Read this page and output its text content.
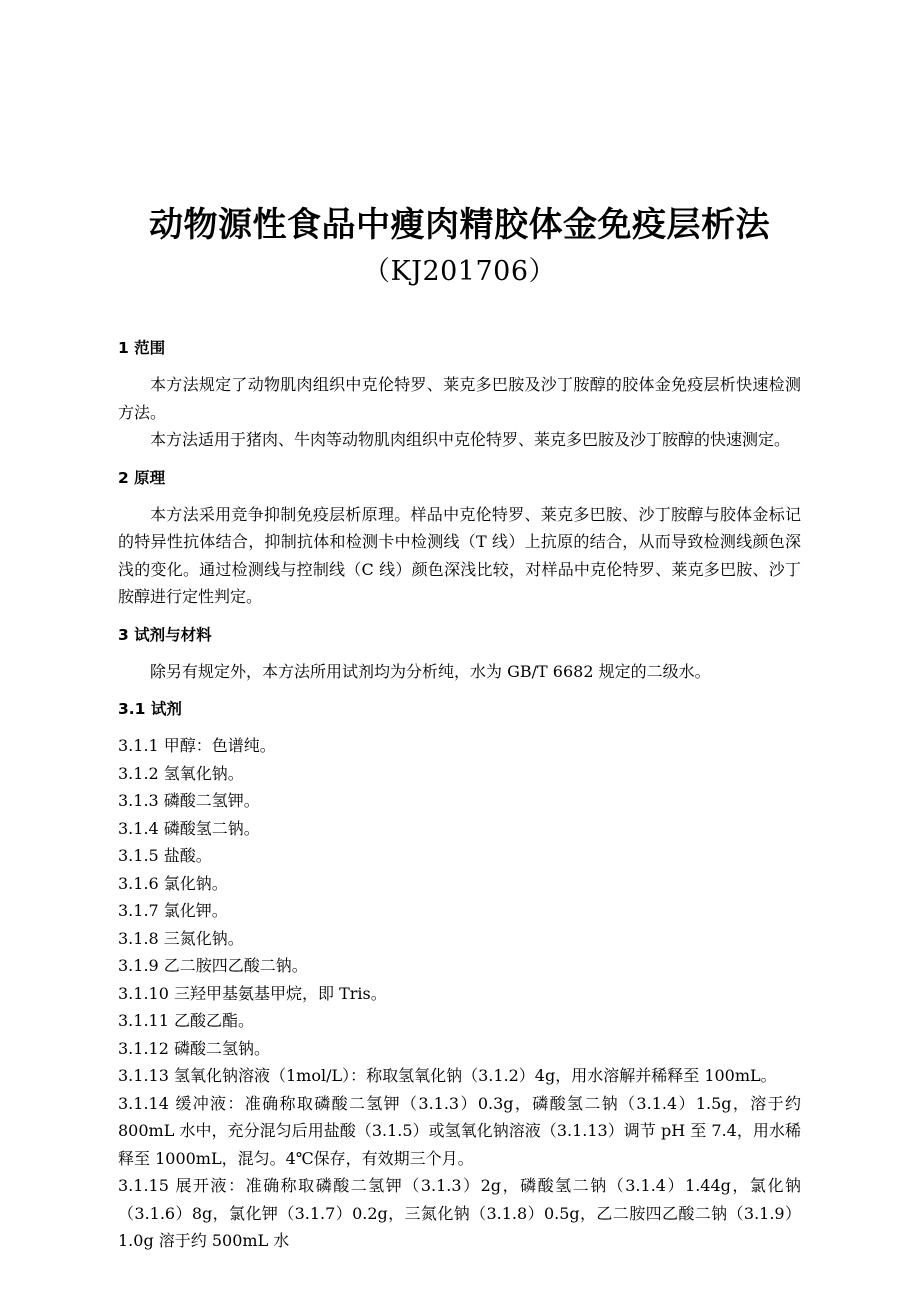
动物源性食品中瘦肉精胶体金免疫层析法
（KJ201706）
1 范围

本方法规定了动物肌肉组织中克伦特罗、莱克多巴胺及沙丁胺醇的胶体金免疫层析快速检测方法。

本方法适用于猪肉、牛肉等动物肌肉组织中克伦特罗、莱克多巴胺及沙丁胺醇的快速测定。

2 原理

本方法采用竞争抑制免疫层析原理。样品中克伦特罗、莱克多巴胺、沙丁胺醇与胶体金标记的特异性抗体结合，抑制抗体和检测卡中检测线（T 线）上抗原的结合，从而导致检测线颜色深浅的变化。通过检测线与控制线（C 线）颜色深浅比较，对样品中克伦特罗、莱克多巴胺、沙丁胺醇进行定性判定。

3 试剂与材料

除另有规定外，本方法所用试剂均为分析纯，水为 GB/T 6682 规定的二级水。

3.1 试剂

3.1.1 甲醇：色谱纯。

3.1.2 氢氧化钠。

3.1.3 磷酸二氢钾。

3.1.4 磷酸氢二钠。

3.1.5 盐酸。

3.1.6 氯化钠。

3.1.7 氯化钾。

3.1.8 三氮化钠。

3.1.9 乙二胺四乙酸二钠。

3.1.10 三羟甲基氨基甲烷，即 Tris。

3.1.11 乙酸乙酯。

3.1.12 磷酸二氢钠。

3.1.13 氢氧化钠溶液（1mol/L）：称取氢氧化钠（3.1.2）4g，用水溶解并稀释至 100mL。

3.1.14 缓冲液：准确称取磷酸二氢钾（3.1.3）0.3g，磷酸氢二钠（3.1.4）1.5g，溶于约 800mL 水中，充分混匀后用盐酸（3.1.5）或氢氧化钠溶液（3.1.13）调节 pH 至 7.4，用水稀释至 1000mL，混匀。4℃保存，有效期三个月。

3.1.15 展开液：准确称取磷酸二氢钾（3.1.3）2g，磷酸氢二钠（3.1.4）1.44g，氯化钠（3.1.6）8g，氯化钾（3.1.7）0.2g，三氮化钠（3.1.8）0.5g，乙二胺四乙酸二钠（3.1.9）1.0g 溶于约 500mL 水
